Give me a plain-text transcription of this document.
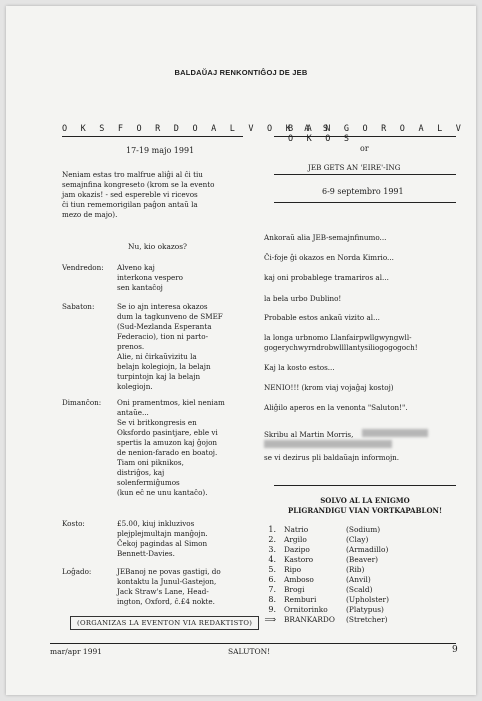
BALDAŬAJ RENKONTIĜOJ DE JEB
O K S F O R D O A L V O K A S
17-19 majo 1991
Neniam estas tro malfrue aliĝi al ĉi tiu
semajnfina kongreseto (krom se la evento
jam okazis! - sed espereble vi ricevos
ĉi tiun rememorigilan paĝon antaŭ la
mezo de majo).
Nu, kio okazos?
Vendredon: Alveno kaj
interkona vespero
sen kantaĉoj
Sabaton:	Se io ajn interesa okazos
dum la tagkunveno de SMEF
(Sud-Mezlanda Esperanta
Federacio), tion ni parto-
prenos.
Alie, ni ĉirkaŭvizitu la
belajn kolegiojn, la belajn
turpintojn kaj la belajn
kolegiojn.
Dimanĉon: Oni pramentmos, kiel neniam
antaŭe...
Se vi britkongresis en
Oksfordo pasintjare, eble vi
spertis la amuzon kaj ĝojon
de nenion-farado en boatoj.
Tiam oni piknikos,
distriĝos, kaj
solenfermiĝumos
(kun eĉ ne unu kantaĉo).
Kosto:	£5.00, kiuj inkluzivos
plejplejmultajn manĝojn.
Ĉekoj pagindas al Simon
Bennett-Davies.
Loĝado:	JEBanoj ne povas gastigi, do
kontaktu la Junul-Gastejon,
Jack Straw's Lane, Head-
ington, Oxford, ĉ.£4 nokte.
(ORGANIZAS LA EVENTON VIA REDAKTISTO)
B A N G O R O A L V O K O S
or
JEB GETS AN 'EIRE'-ING
6-9 septembro 1991
Ankoraŭ alia JEB-semajnfinumo...
Ĉi-foje ĝi okazos en Norda Kimrio...
kaj oni probablege tramariros al...
la bela urbo Dublino!
Probable estos ankaŭ vizito al...
la longa urbnomo Llanfairpwllgwyngwll-
gogerychwyrndrobwllllantysiliogogogoch!
Kaj la kosto estos...
NENIO!!! (krom viaj vojaĝaj kostoj)
Aliĝilo aperos en la venonta "Saluton!".
Skribu al Martin Morris,
se vi dezirus pli baldaŭajn informojn.
SOLVO AL LA ENIGMO
PLIGRANDIGU VIAN VORTKAPABLON!
1. Natrio	(Sodium)
2. Argilo	(Clay)
3. Dazipo	(Armadillo)
4. Kastoro	(Beaver)
5. Ripo	(Rib)
6. Amboso	(Anvil)
7. Brogi	(Scald)
8. Remburi	(Upholster)
9. Ornitorinko (Platypus)
⟹ BRANKARDO (Stretcher)
mar/apr 1991	SALUTON!	9
